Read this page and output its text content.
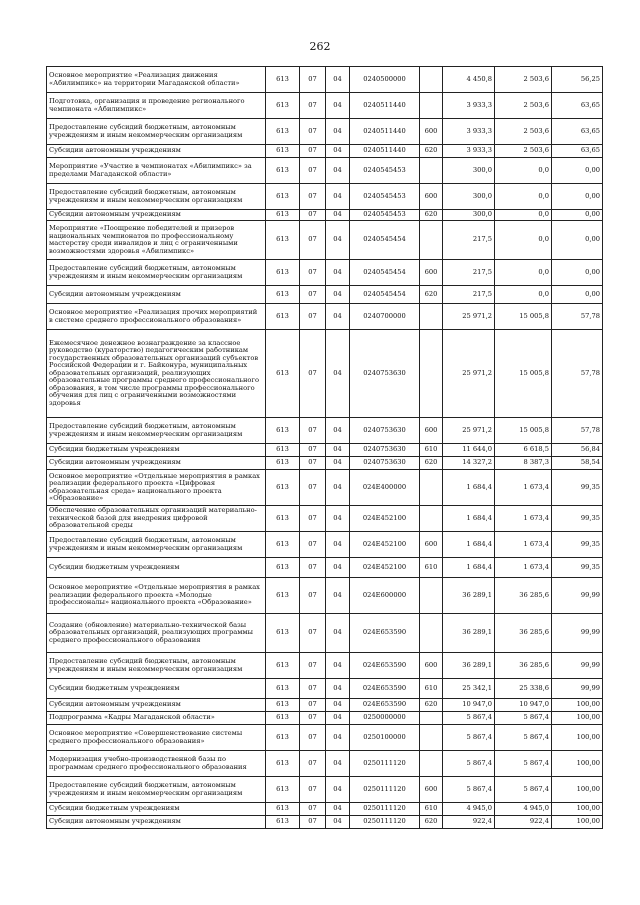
262
Основное мероприятие «Реализация движения «Абилимпикс» на территории Магаданской области»	613	07	04	0240500000		4 450,8	2 503,6	56,25
Подготовка, организация и проведение регионального чемпионата «Абилимпикс»	613	07	04	0240511440		3 933,3	2 503,6	63,65
Предоставление субсидий бюджетным, автономным учреждениям и иным некоммерческим организациям	613	07	04	0240511440	600	3 933,3	2 503,6	63,65
Субсидии автономным учреждениям	613	07	04	0240511440	620	3 933,3	2 503,6	63,65
Мероприятие «Участие в чемпионатах «Абилимпикс» за пределами Магаданской области»	613	07	04	0240545453		300,0	0,0	0,00
Предоставление субсидий бюджетным, автономным учреждениям и иным некоммерческим организациям	613	07	04	0240545453	600	300,0	0,0	0,00
Субсидии автономным учреждениям	613	07	04	0240545453	620	300,0	0,0	0,00
Мероприятие «Поощрение победителей и призеров национальных чемпионатов по профессиональному мастерству среди инвалидов и лиц с ограниченными возможностями здоровья «Абилимпикс»	613	07	04	0240545454		217,5	0,0	0,00
Предоставление субсидий бюджетным, автономным учреждениям и иным некоммерческим организациям	613	07	04	0240545454	600	217,5	0,0	0,00
Субсидии автономным учреждениям	613	07	04	0240545454	620	217,5	0,0	0,00
Основное мероприятие «Реализация прочих мероприятий в системе среднего профессионального образования»	613	07	04	0240700000		25 971,2	15 005,8	57,78
Ежемесячное денежное вознаграждение за классное руководство (кураторство) педагогическим работникам государственных образовательных организаций субъектов Российской Федерации и г. Байконура, муниципальных образовательных организаций, реализующих образовательные программы среднего профессионального образования, в том числе программы профессионального обучения для лиц с ограниченными возможностями здоровья	613	07	04	0240753630		25 971,2	15 005,8	57,78
Предоставление субсидий бюджетным, автономным учреждениям и иным некоммерческим организациям	613	07	04	0240753630	600	25 971,2	15 005,8	57,78
Субсидии бюджетным учреждениям	613	07	04	0240753630	610	11 644,0	6 618,5	56,84
Субсидии автономным учреждениям	613	07	04	0240753630	620	14 327,2	8 387,3	58,54
Основное мероприятие «Отдельные мероприятия в рамках реализации федерального проекта «Цифровая образовательная среда» национального проекта «Образование»	613	07	04	024E400000		1 684,4	1 673,4	99,35
Обеспечение образовательных организаций материально-технической базой для внедрения цифровой образовательной среды	613	07	04	024E452100		1 684,4	1 673,4	99,35
Предоставление субсидий бюджетным, автономным учреждениям и иным некоммерческим организациям	613	07	04	024E452100	600	1 684,4	1 673,4	99,35
Субсидии бюджетным учреждениям	613	07	04	024E452100	610	1 684,4	1 673,4	99,35
Основное мероприятие «Отдельные мероприятия в рамках реализации федерального проекта «Молодые профессионалы» национального проекта «Образование»	613	07	04	024E600000		36 289,1	36 285,6	99,99
Создание (обновление) материально-технической базы образовательных организаций, реализующих программы среднего профессионального образования	613	07	04	024E653590		36 289,1	36 285,6	99,99
Предоставление субсидий бюджетным, автономным учреждениям и иным некоммерческим организациям	613	07	04	024E653590	600	36 289,1	36 285,6	99,99
Субсидии бюджетным учреждениям	613	07	04	024E653590	610	25 342,1	25 338,6	99,99
Субсидии автономным учреждениям	613	07	04	024E653590	620	10 947,0	10 947,0	100,00
Подпрограмма «Кадры Магаданской области»	613	07	04	0250000000		5 867,4	5 867,4	100,00
Основное мероприятие «Совершенствование системы среднего профессионального образования»	613	07	04	0250100000		5 867,4	5 867,4	100,00
Модернизация учебно-производственной базы по программам среднего профессионального образования	613	07	04	0250111120		5 867,4	5 867,4	100,00
Предоставление субсидий бюджетным, автономным учреждениям и иным некоммерческим организациям	613	07	04	0250111120	600	5 867,4	5 867,4	100,00
Субсидии бюджетным учреждениям	613	07	04	0250111120	610	4 945,0	4 945,0	100,00
Субсидии автономным учреждениям	613	07	04	0250111120	620	922,4	922,4	100,00
